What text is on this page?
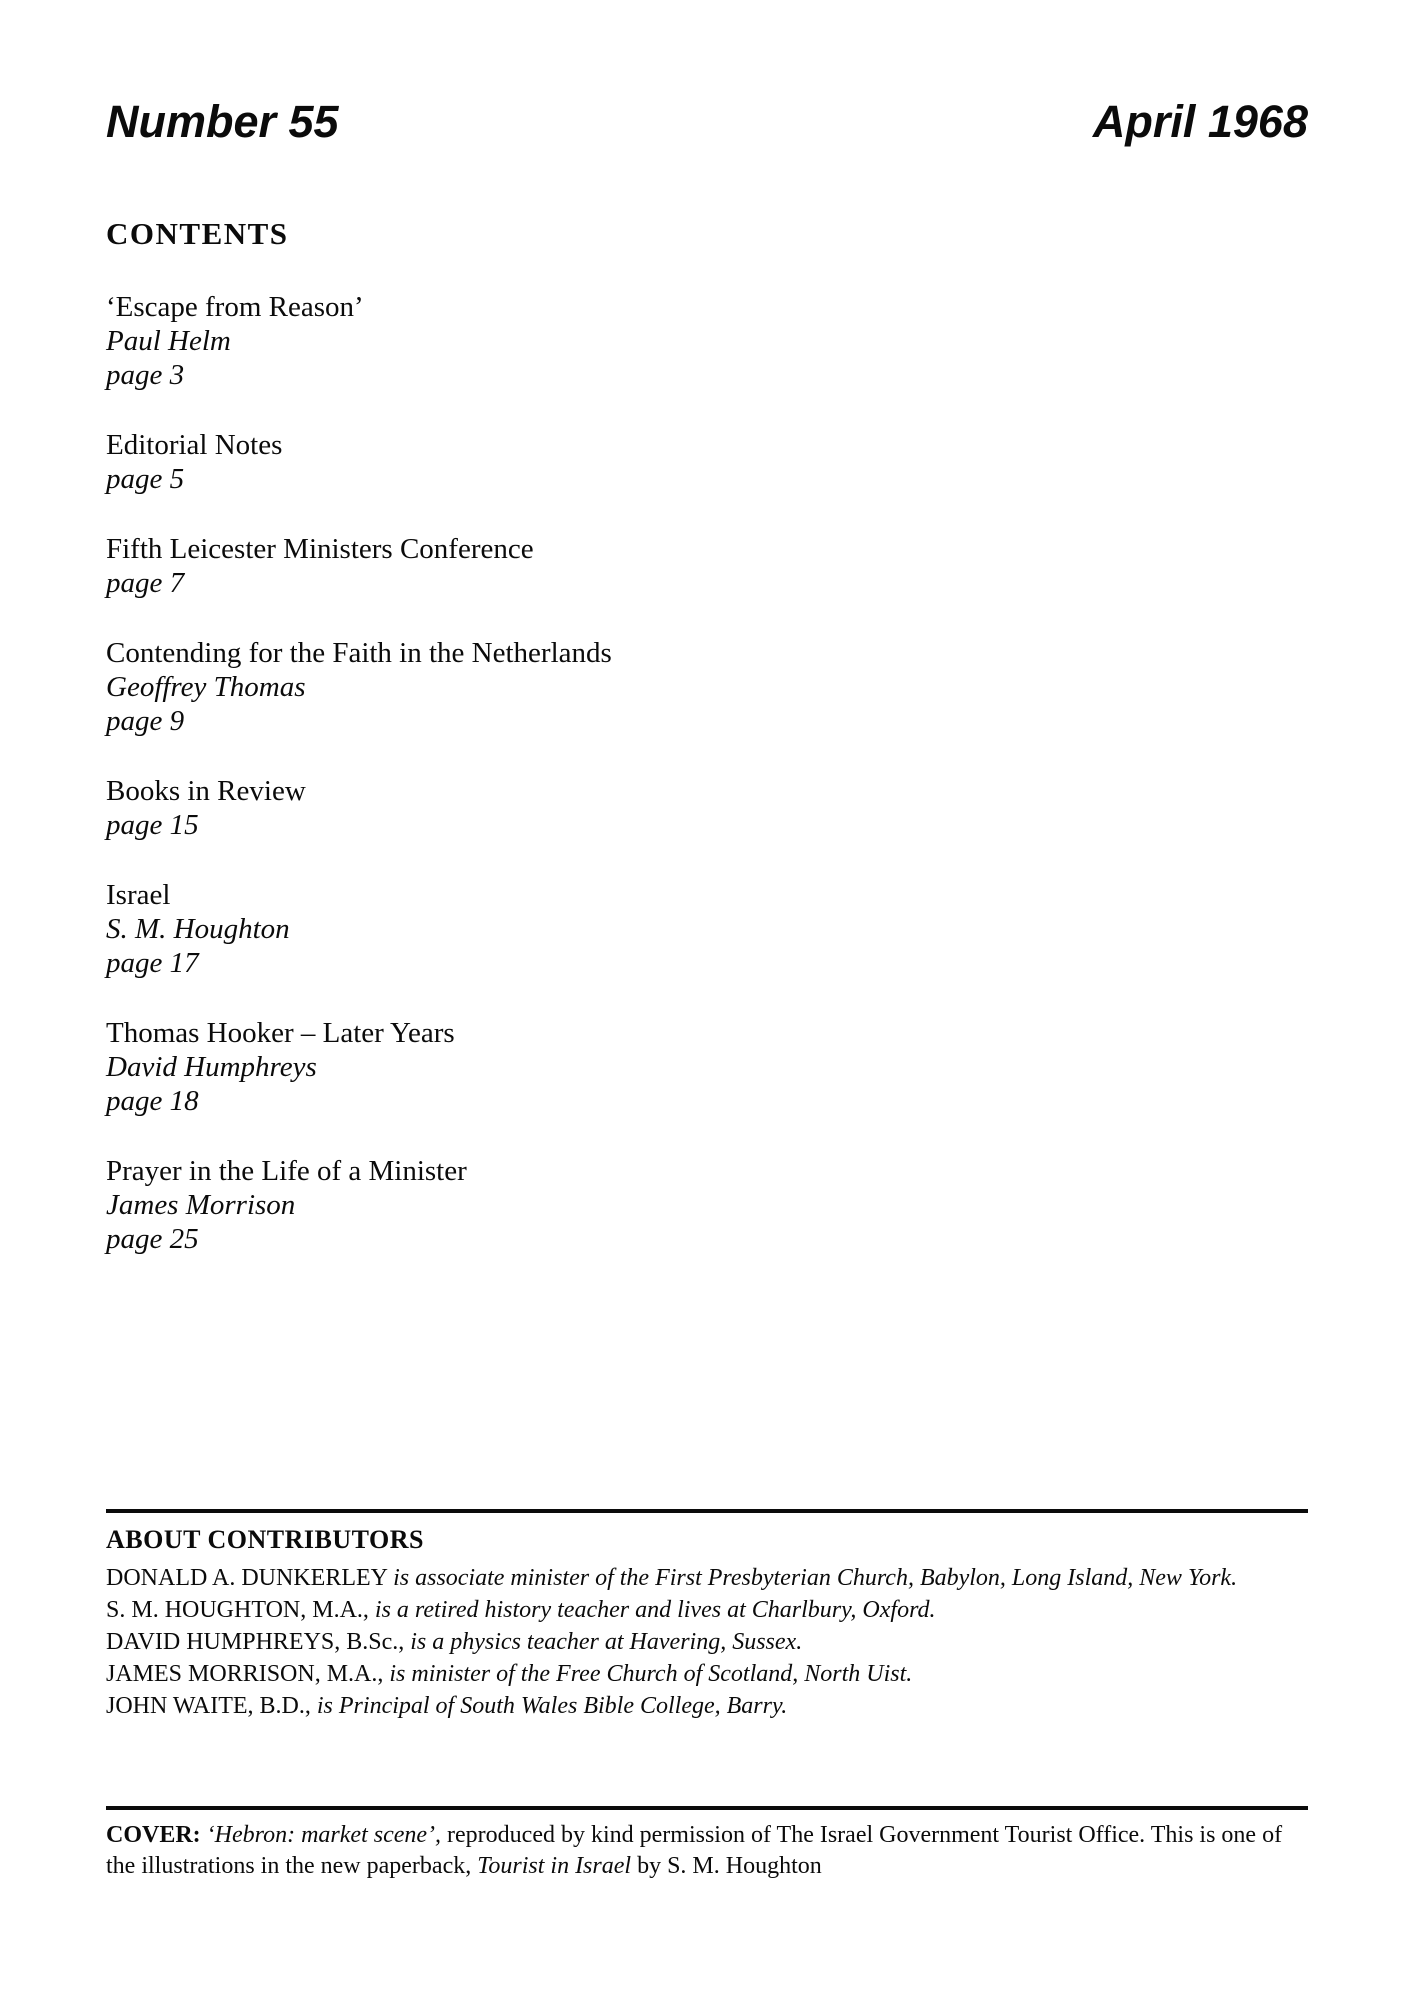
Number 55	April 1968
CONTENTS
‘Escape from Reason’
Paul Helm
page 3
Editorial Notes
page 5
Fifth Leicester Ministers Conference
page 7
Contending for the Faith in the Netherlands
Geoffrey Thomas
page 9
Books in Review
page 15
Israel
S. M. Houghton
page 17
Thomas Hooker – Later Years
David Humphreys
page 18
Prayer in the Life of a Minister
James Morrison
page 25
ABOUT CONTRIBUTORS
DONALD A. DUNKERLEY is associate minister of the First Presbyterian Church, Babylon, Long Island, New York.
S. M. HOUGHTON, M.A., is a retired history teacher and lives at Charlbury, Oxford.
DAVID HUMPHREYS, B.Sc., is a physics teacher at Havering, Sussex.
JAMES MORRISON, M.A., is minister of the Free Church of Scotland, North Uist.
JOHN WAITE, B.D., is Principal of South Wales Bible College, Barry.
COVER: ‘Hebron: market scene’, reproduced by kind permission of The Israel Government Tourist Office. This is one of the illustrations in the new paperback, Tourist in Israel by S. M. Houghton
